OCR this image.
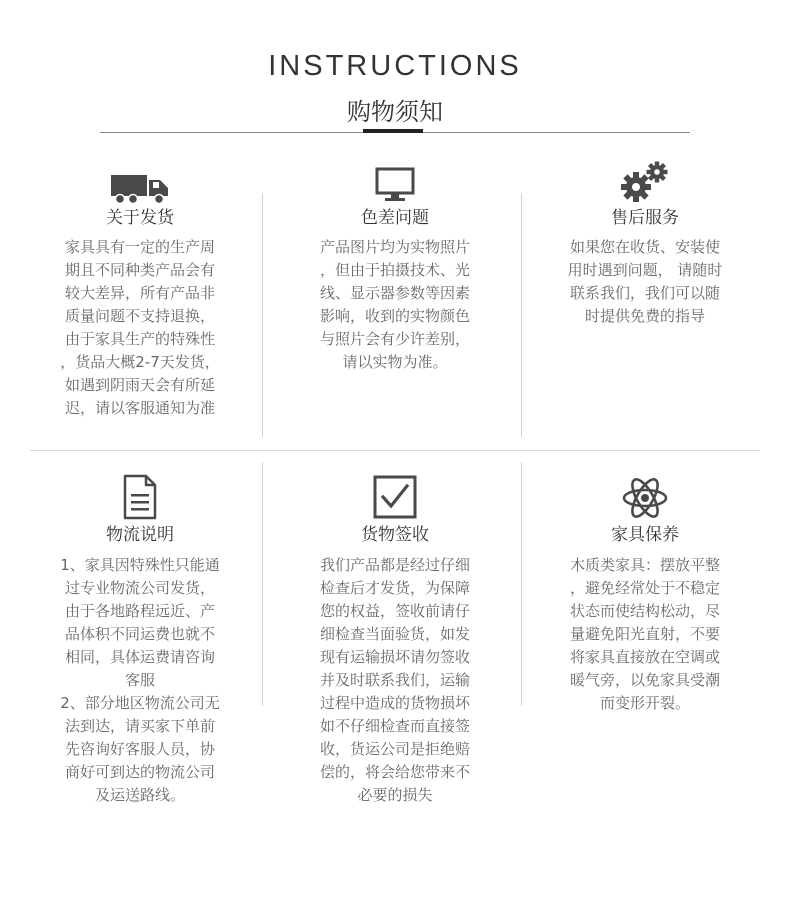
INSTRUCTIONS
购物须知
关于发货
家具具有一定的生产周
期且不同种类产品会有
较大差异，所有产品非
质量问题不支持退换，
由于家具生产的特殊性
，货品大概2-7天发货，
如遇到阴雨天会有所延
迟，请以客服通知为准
色差问题
产品图片均为实物照片
，但由于拍摄技术、光
线、显示器参数等因素
影响，收到的实物颜色
与照片会有少许差别，
请以实物为准。
售后服务
如果您在收货、安装使
用时遇到问题， 请随时
联系我们，我们可以随
时提供免费的指导
物流说明
1、家具因特殊性只能通
过专业物流公司发货，
由于各地路程远近、产
品体积不同运费也就不
相同，具体运费请咨询
客服
2、部分地区物流公司无
法到达，请买家下单前
先咨询好客服人员，协
商好可到达的物流公司
及运送路线。
货物签收
我们产品都是经过仔细
检查后才发货，为保障
您的权益，签收前请仔
细检查当面验货，如发
现有运输损坏请勿签收
并及时联系我们，运输
过程中造成的货物损坏
如不仔细检查而直接签
收，货运公司是拒绝赔
偿的，将会给您带来不
必要的损失
家具保养
木质类家具：摆放平整
，避免经常处于不稳定
状态而使结构松动，尽
量避免阳光直射，不要
将家具直接放在空调或
暖气旁，以免家具受潮
而变形开裂。
